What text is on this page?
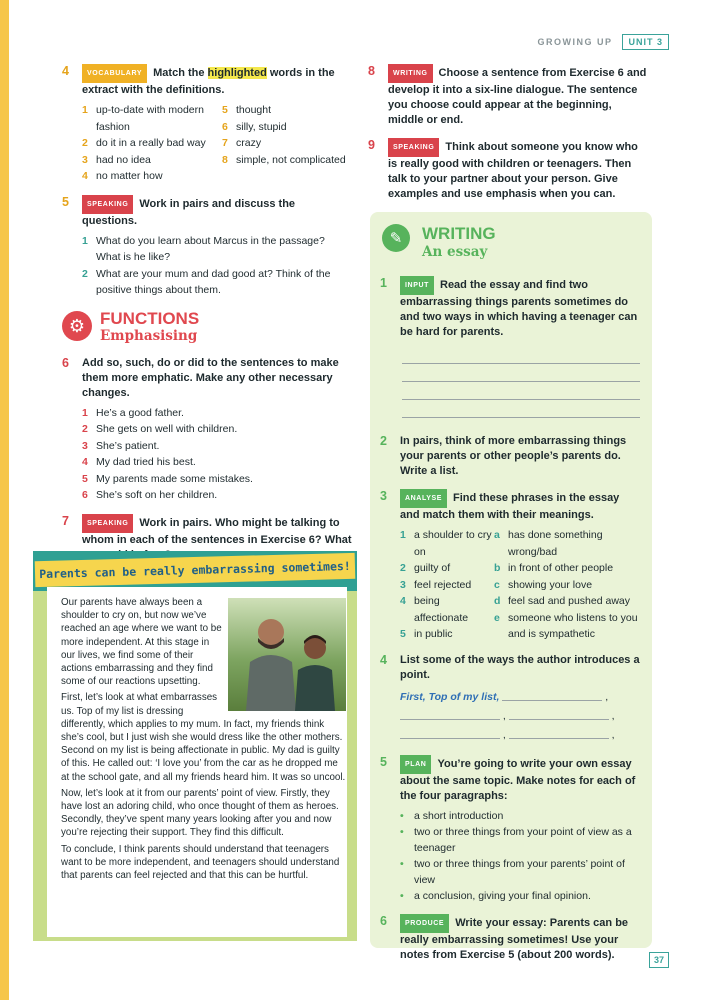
GROWING UP	UNIT 3
4	VOCABULARY Match the highlighted words in the extract with the definitions.
1 up-to-date with modern fashion
2 do it in a really bad way
3 had no idea
4 no matter how
5 thought
6 silly, stupid
7 crazy
8 simple, not complicated
5	SPEAKING Work in pairs and discuss the questions.
1 What do you learn about Marcus in the passage? What is he like?
2 What are your mum and dad good at? Think of the positive things about them.
⚙ FUNCTIONS
Emphasising
6	Add so, such, do or did to the sentences to make them more emphatic. Make any other necessary changes.
1 He’s a good father.
2 She gets on well with children.
3 She’s patient.
4 My dad tried his best.
5 My parents made some mistakes.
6 She’s soft on her children.
7	SPEAKING Work in pairs. Who might be talking to whom in each of the sentences in Exercise 6? What
Parents can be really embarrassing sometimes!

Our parents have always been a shoulder to cry on, but now we’ve reached an age where we want to be more independent. At this stage in our lives, we find some of their actions embarrassing and they find some of our reactions upsetting.

First, let’s look at what embarrasses us. Top of my list is dressing differently, which applies to my mum. In fact, my friends think she’s cool, but I just wish she would dress like the other mothers. Second on my list is being affectionate in public. My dad is guilty of this. He called out: ‘I love you’ from the car as he dropped me at the school gate, and all my friends heard him. It was so uncool.

Now, let’s look at it from our parents’ point of view. Firstly, they have lost an adoring child, who once thought of them as heroes. Secondly, they’ve spent many years looking after you and now you’re rejecting their support. They find this difficult.

To conclude, I think parents should understand that teenagers want to be more independent, and teenagers should understand that parents can feel rejected and that this can be hurtful.

8	WRITING Choose a sentence from Exercise 6 and develop it into a six-line dialogue. The sentence you choose could appear at the beginning, middle or end.
9	SPEAKING Think about someone you know who is really good with children or teenagers. Then talk to your partner about your person. Give examples and use emphasis when you can.
✎	WRITING
An essay
1	INPUT Read the essay and find two embarrassing things parents sometimes do and two ways in which having a teenager can be hard for parents.
2	In pairs, think of more embarrassing things your parents or other people’s parents do. Write a list.
3	ANALYSE Find these phrases in the essay and match them with their meanings.
1 a shoulder to cry on
2 guilty of
3 feel rejected
4 being affectionate
5 in public
a has done something wrong/bad
b in front of other people
c showing your love
d feel sad and pushed away
e someone who listens to you and is sympathetic
4	List some of the ways the author introduces a point.
First, Top of my list,	,
,	,
,	,
5	PLAN You’re going to write your own essay about the same topic. Make notes for each of the four paragraphs:
• a short introduction
• two or three things from your point of view as a teenager
• two or three things from your parents’ point of view
• a conclusion, giving your final opinion.
6	PRODUCE Write your essay: Parents can be really embarrassing sometimes! Use your notes from Exercise 5 (about 200 words).	37
